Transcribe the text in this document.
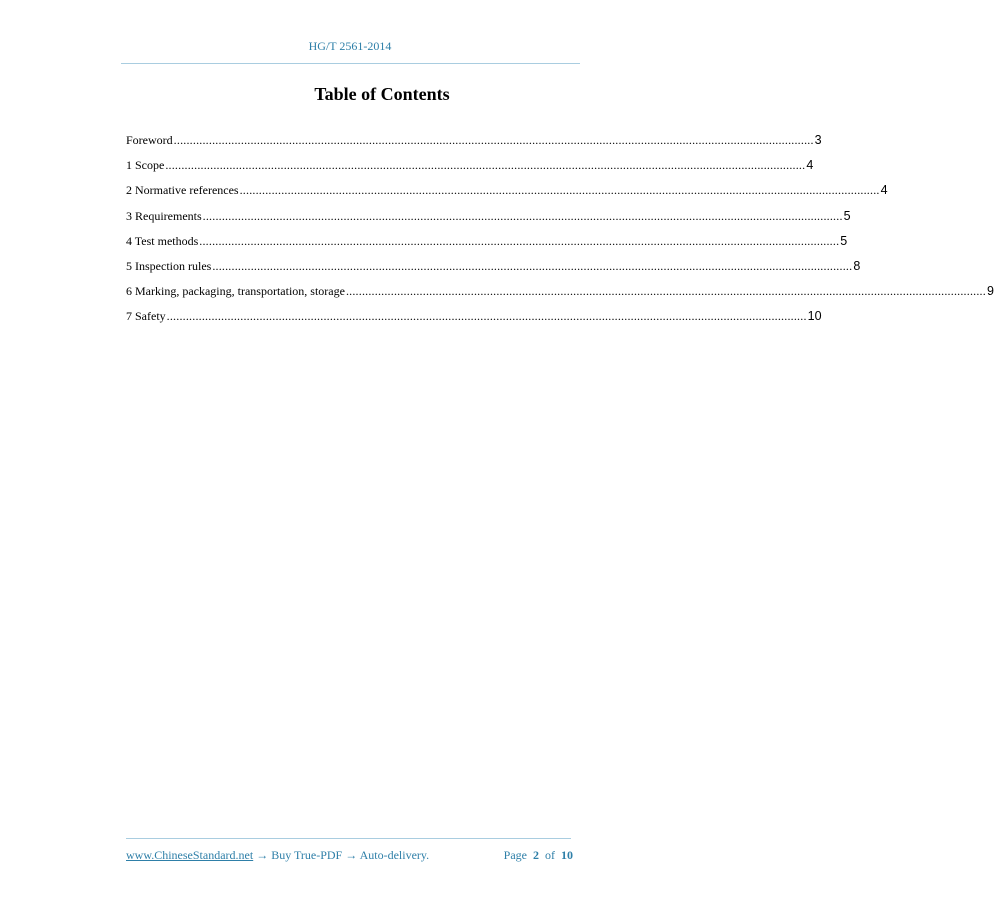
HG/T 2561-2014
Table of Contents
Foreword ........................................................................................................................................................................................................ 3
1 Scope ........................................................................................................................................................................................................ 4
2 Normative references ........................................................................................................................................................................................................ 4
3 Requirements ........................................................................................................................................................................................................ 5
4 Test methods ........................................................................................................................................................................................................ 5
5 Inspection rules ........................................................................................................................................................................................................ 8
6 Marking, packaging, transportation, storage ........................................................................................................................................................................................................ 9
7 Safety ........................................................................................................................................................................................................ 10
www.ChineseStandard.net → Buy True-PDF → Auto-delivery.	Page 2 of 10
